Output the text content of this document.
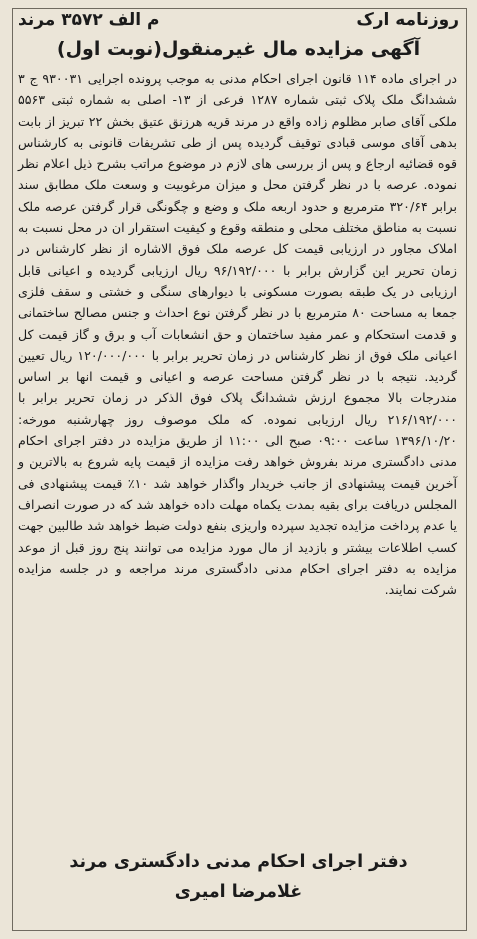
روزنامه ارک
م الف ۳۵۷۲ مرند
آگهی مزایده مال غیرمنقول(نوبت اول)

در اجرای ماده ۱۱۴ قانون اجرای احکام مدنی به موجب پرونده اجرایی ۹۳۰۰۳۱ ج ۳ ششدانگ ملک پلاک ثبتی شماره ۱۲۸۷ فرعی از ۱۳- اصلی به شماره ثبتی ۵۵۶۳ ملکی آقای صابر مظلوم زاده واقع در مرند قریه هرزنق عتیق بخش ۲۲ تبریز از بابت بدهی آقای موسی قبادی توقیف گردیده پس از طی تشریفات قانونی به کارشناس قوه قضائیه ارجاع و پس از بررسی های لازم در موضوع مراتب بشرح ذیل اعلام نظر نموده. عرصه با در نظر گرفتن محل و میزان مرغوبیت و وسعت ملک مطابق سند برابر ۳۲۰/۶۴ مترمربع و حدود اربعه ملک و وضع و چگونگی قرار گرفتن عرصه ملک نسبت به مناطق مختلف محلی و منطقه وقوع و کیفیت استقرار ان در محل نسبت به املاک مجاور در ارزیابی قیمت کل عرصه ملک فوق الاشاره از نظر کارشناس در زمان تحریر این گزارش برابر با ۹۶/۱۹۲/۰۰۰ ریال ارزیابی گردیده و اعیانی قابل ارزیابی در یک طبقه بصورت مسکونی با دیوارهای سنگی و خشتی و سقف فلزی جمعا به مساحت ۸۰ مترمربع با در نظر گرفتن نوع احداث و جنس مصالح ساختمانی و قدمت استحکام و عمر مفید ساختمان و حق انشعابات آب و برق و گاز قیمت کل اعیانی ملک فوق از نظر کارشناس در زمان تحریر برابر با ۱۲۰/۰۰۰/۰۰۰ ریال تعیین گردید. نتیجه با در نظر گرفتن مساحت عرصه و اعیانی و قیمت انها بر اساس مندرجات بالا مجموع ارزش ششدانگ پلاک فوق الذکر در زمان تحریر برابر با ۲۱۶/۱۹۲/۰۰۰ ریال ارزیابی نموده. که ملک موصوف روز چهارشنبه مورخه: ۱۳۹۶/۱۰/۲۰ ساعت ۰۹:۰۰ صبح الی ۱۱:۰۰ از طریق مزایده در دفتر اجرای احکام مدنی دادگستری مرند بفروش خواهد رفت مزایده از قیمت پایه شروع به بالاترین و آخرین قیمت پیشنهادی از جانب خریدار واگذار خواهد شد ۱۰٪ قیمت پیشنهادی فی المجلس دریافت برای بقیه بمدت یکماه مهلت داده خواهد شد که در صورت انصراف یا عدم پرداخت مزایده تجدید سپرده واریزی بنفع دولت ضبط خواهد شد طالبین جهت کسب اطلاعات بیشتر و بازدید از مال مورد مزایده می توانند پنج روز قبل از موعد مزایده به دفتر اجرای احکام مدنی دادگستری مرند مراجعه و در جلسه مزایده شرکت نمایند.

دفتر اجرای احکام مدنی دادگستری مرند
غلامرضا امیری
